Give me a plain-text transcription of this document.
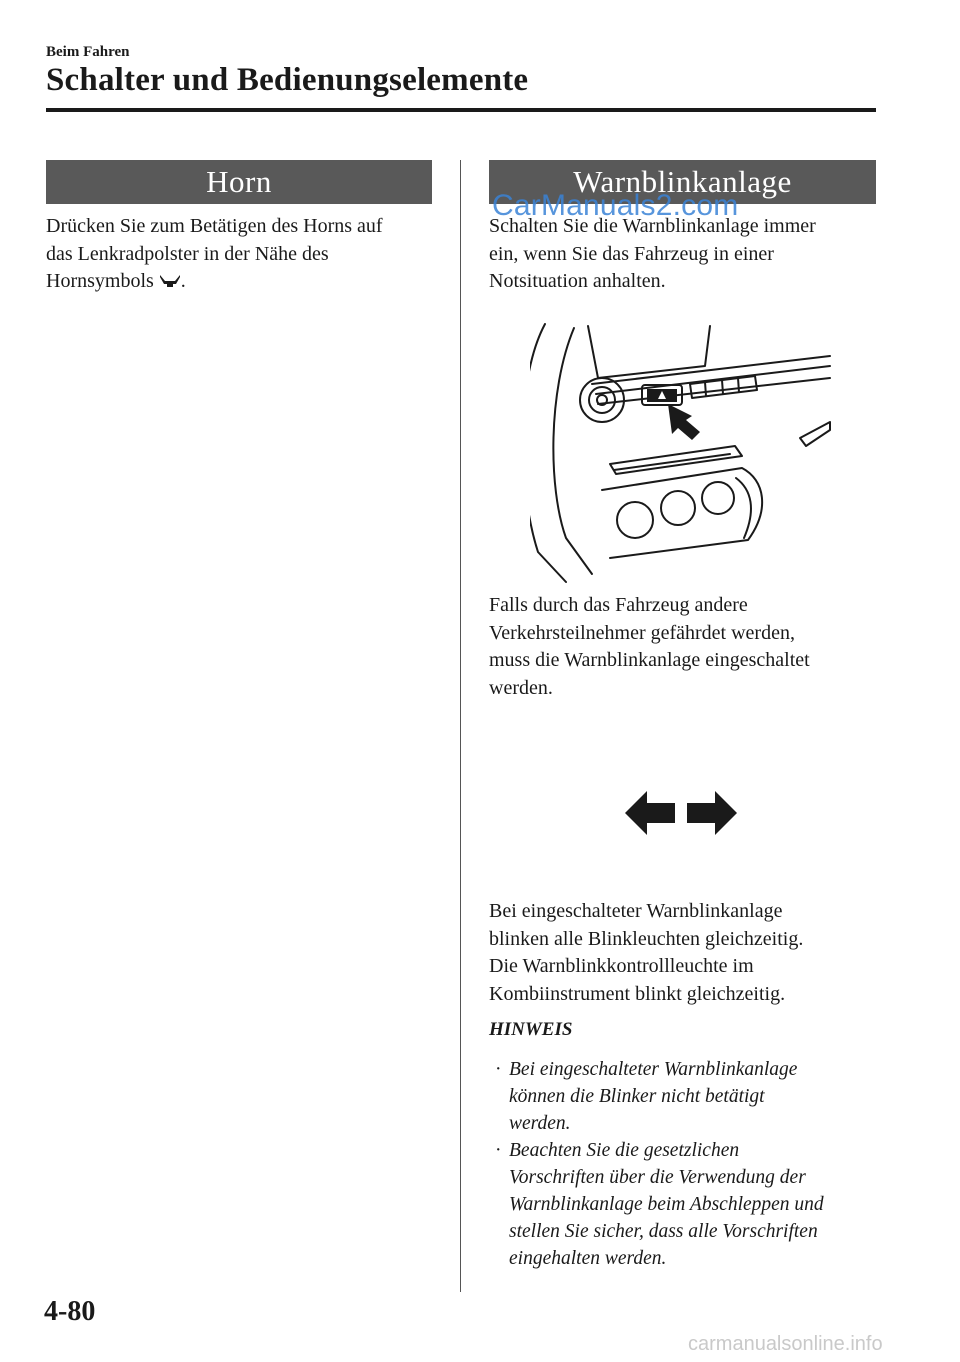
Beim Fahren
Schalter und Bedienungselemente
Horn
Drücken Sie zum Betätigen des Horns auf
das Lenkradpolster in der Nähe des
Hornsymbols .
Warnblinkanlage
CarManuals2.com
Schalten Sie die Warnblinkanlage immer
ein, wenn Sie das Fahrzeug in einer
Notsituation anhalten.
Falls durch das Fahrzeug andere
Verkehrsteilnehmer gefährdet werden,
muss die Warnblinkanlage eingeschaltet
werden.
Bei eingeschalteter Warnblinkanlage
blinken alle Blinkleuchten gleichzeitig.
Die Warnblinkkontrollleuchte im
Kombiinstrument blinkt gleichzeitig.
HINWEIS
· Bei eingeschalteter Warnblinkanlage
können die Blinker nicht betätigt
werden.
· Beachten Sie die gesetzlichen
Vorschriften über die Verwendung der
Warnblinkanlage beim Abschleppen und
stellen Sie sicher, dass alle Vorschriften
eingehalten werden.
4-80
carmanualsonline.info
